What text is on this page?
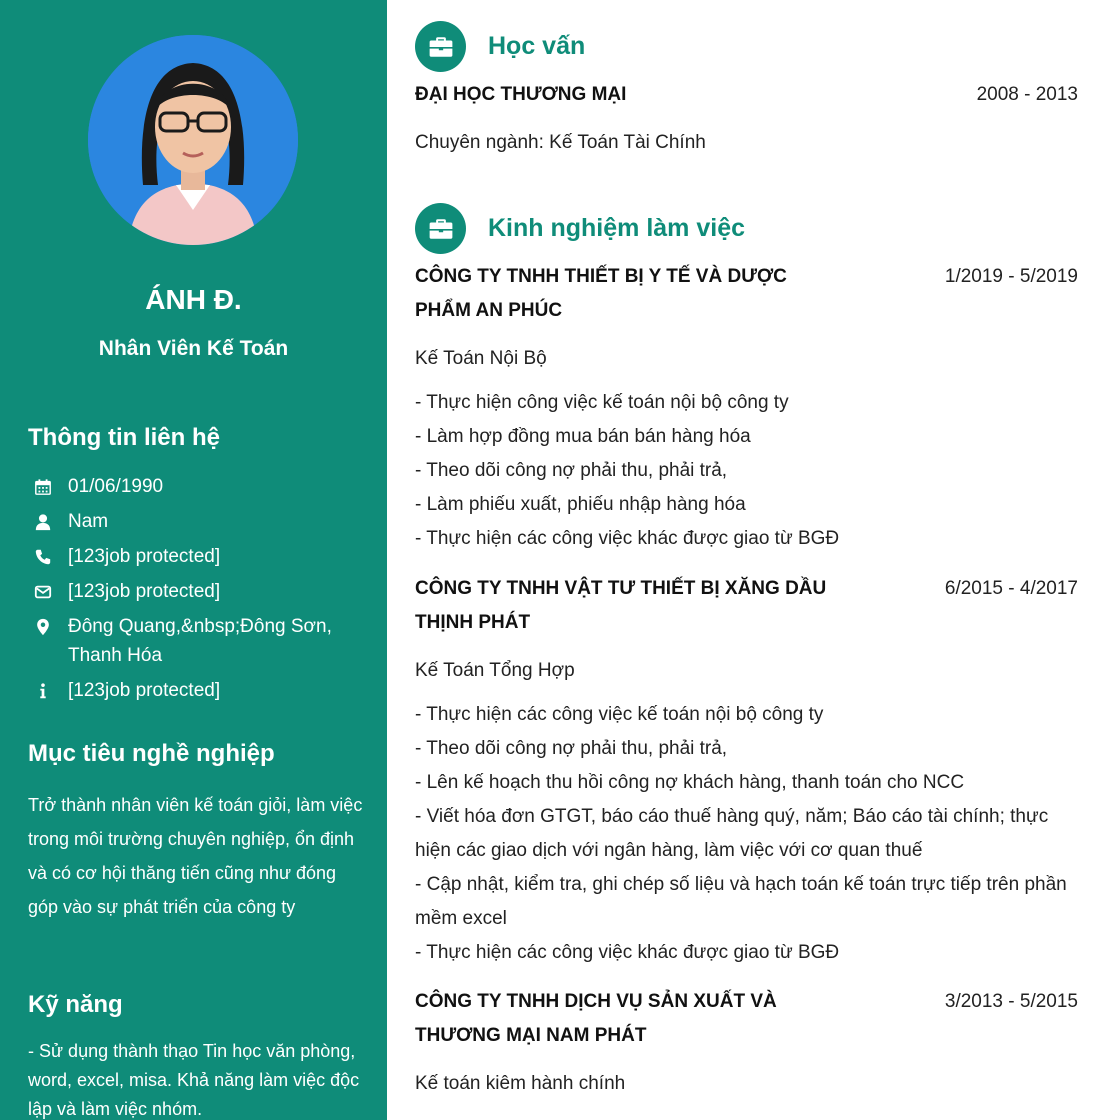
ÁNH Đ.
Nhân Viên Kế Toán
Thông tin liên hệ
01/06/1990
Nam
[123job protected]
[123job protected]
Đông Quang,&nbsp;Đông Sơn, Thanh Hóa
[123job protected]
Mục tiêu nghề nghiệp
Trở thành nhân viên kế toán giỏi, làm việc trong môi trường chuyên nghiệp, ổn định và có cơ hội thăng tiến cũng như đóng góp vào sự phát triển của công ty
Kỹ năng
- Sử dụng thành thạo Tin học văn phòng, word, excel, misa. Khả năng làm việc độc lập và làm việc nhóm.
Học vấn
ĐẠI HỌC THƯƠNG MẠI	2008 - 2013
Chuyên ngành: Kế Toán Tài Chính
Kinh nghiệm làm việc
CÔNG TY TNHH THIẾT BỊ Y TẾ VÀ DƯỢC PHẨM AN PHÚC
1/2019 - 5/2019
Kế Toán Nội Bộ
- Thực hiện công việc kế toán nội bộ công ty
- Làm hợp đồng mua bán bán hàng hóa
- Theo dõi công nợ phải thu, phải trả,
- Làm phiếu xuất, phiếu nhập hàng hóa
- Thực hiện các công việc khác được giao từ BGĐ
CÔNG TY TNHH VẬT TƯ THIẾT BỊ XĂNG DẦU THỊNH PHÁT
6/2015 - 4/2017
Kế Toán Tổng Hợp
- Thực hiện các công việc kế toán nội bộ công ty
- Theo dõi công nợ phải thu, phải trả,
- Lên kế hoạch thu hồi công nợ khách hàng, thanh toán cho NCC
- Viết hóa đơn GTGT, báo cáo thuế hàng quý, năm; Báo cáo tài chính; thực hiện các giao dịch với ngân hàng, làm việc với cơ quan thuế
- Cập nhật, kiểm tra, ghi chép số liệu và hạch toán kế toán trực tiếp trên phần mềm excel
- Thực hiện các công việc khác được giao từ BGĐ
CÔNG TY TNHH DỊCH VỤ SẢN XUẤT VÀ THƯƠNG MẠI NAM PHÁT
3/2013 - 5/2015
Kế toán kiêm hành chính
